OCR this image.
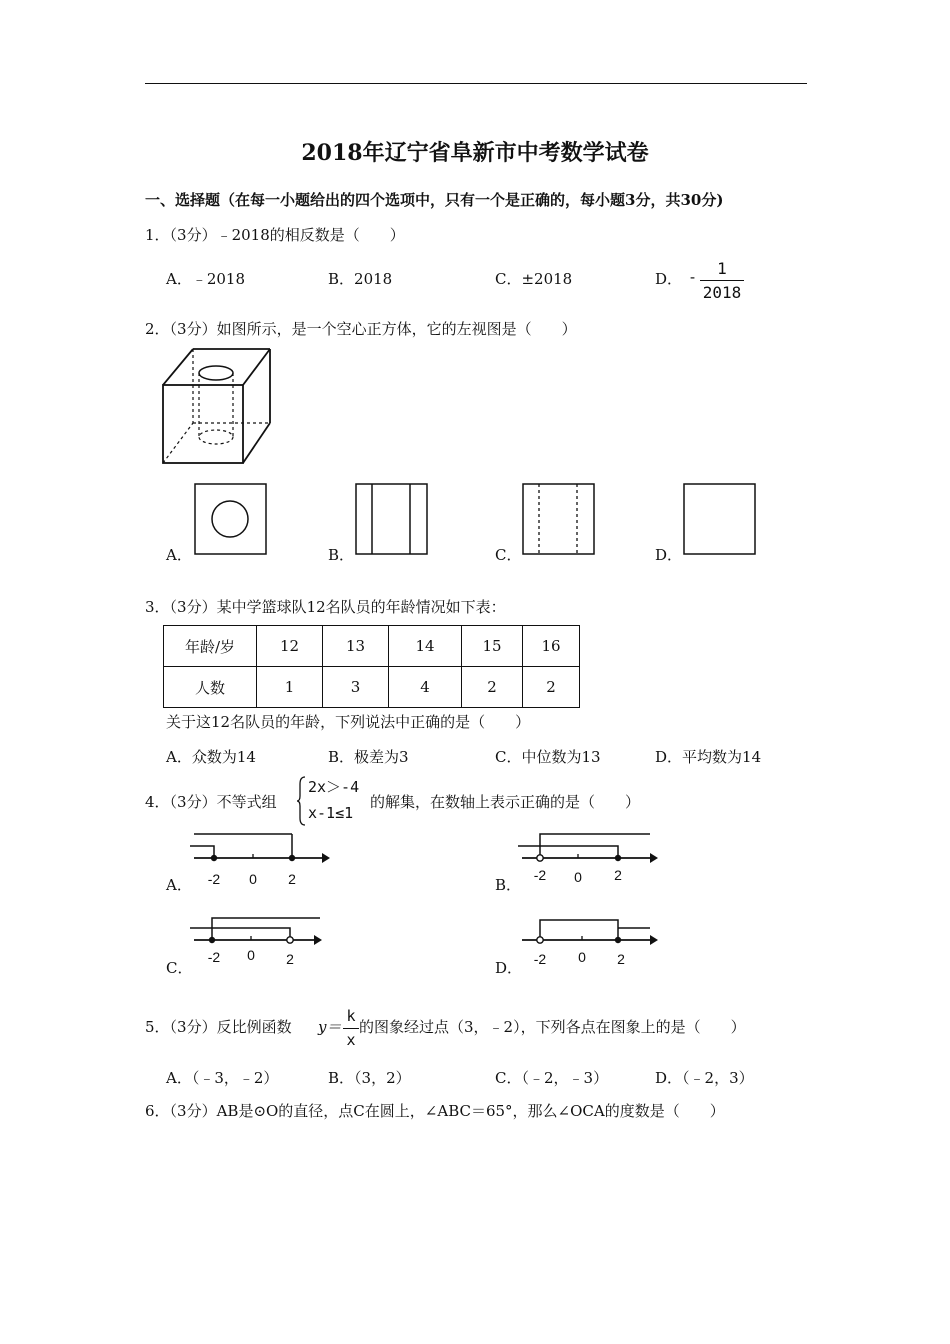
2018年辽宁省阜新市中考数学试卷
一、选择题（在每一小题给出的四个选项中，只有一个是正确的，每小题3分，共30分)
1．（3分）﹣2018的相反数是（　　）
A．﹣2018	B．2018	C．±2018	D． -	1
2018
2．（3分）如图所示，是一个空心正方体，它的左视图是（　　）
A．	B．	C．	D．
3．（3分）某中学篮球队12名队员的年龄情况如下表：
年龄/岁	12	13	14	15	16
人数	1	3	4	2	2
关于这12名队员的年龄，下列说法中正确的是（　　）
A．众数为14	B．极差为3	C．中位数为13	D．平均数为14
4．（3分）不等式组
2x＞-4
x-1≤1
的解集，在数轴上表示正确的是（　　）
A． -2 0 2	B．
-2 0 2
C．
-2 0 2	D． -2 0 2
5．（3分）反比例函数 y＝
k
x
的图象经过点（3，﹣2），下列各点在图象上的是（　　）
A．（﹣3，﹣2）	B．（3，2）	C．（﹣2，﹣3）	D．（﹣2，3）
6．（3分）AB是⊙O的直径，点C在圆上，∠ABC＝65°，那么∠OCA的度数是（　　）
